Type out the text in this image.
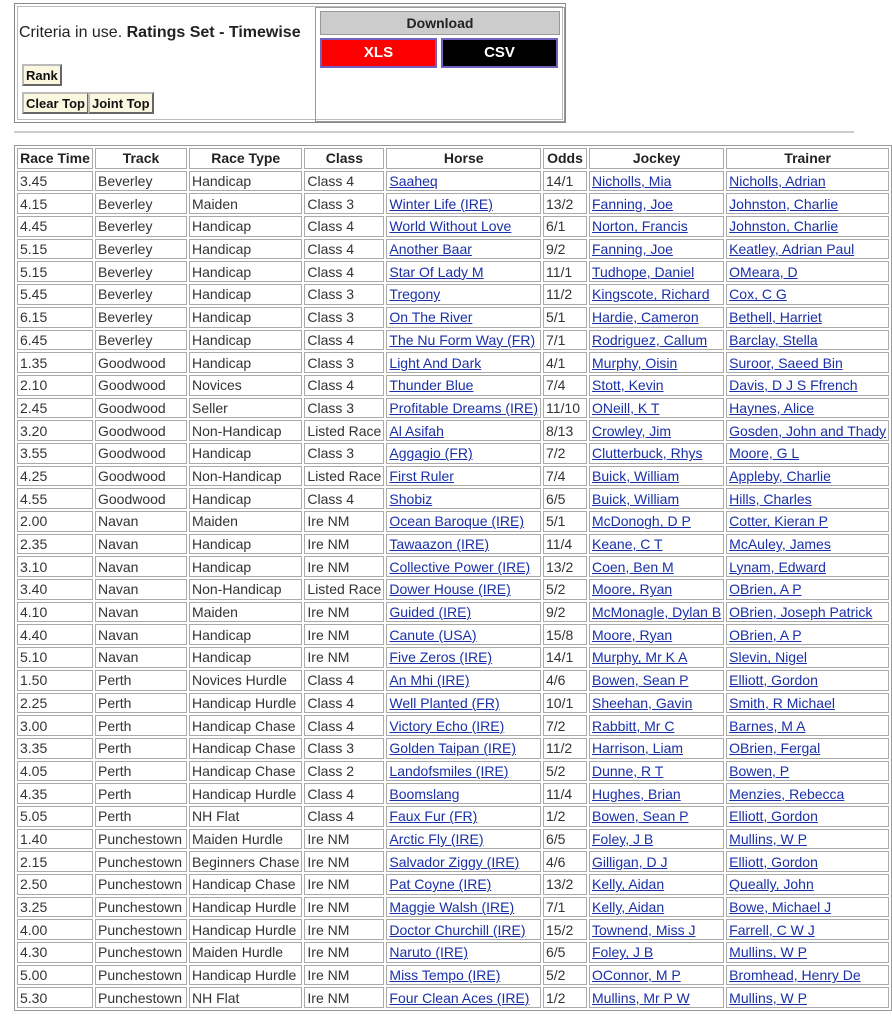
Criteria in use. Ratings Set - Timewise
Rank
Clear Top Joint Top
Download
XLS	CSV
Race Time	Track	Race Type	Class	Horse	Odds	Jockey	Trainer
3.45	Beverley	Handicap	Class 4	Saaheq	14/1	Nicholls, Mia	Nicholls, Adrian
4.15	Beverley	Maiden	Class 3	Winter Life (IRE)	13/2	Fanning, Joe	Johnston, Charlie
4.45	Beverley	Handicap	Class 4	World Without Love	6/1	Norton, Francis	Johnston, Charlie
5.15	Beverley	Handicap	Class 4	Another Baar	9/2	Fanning, Joe	Keatley, Adrian Paul
5.15	Beverley	Handicap	Class 4	Star Of Lady M	11/1	Tudhope, Daniel	OMeara, D
5.45	Beverley	Handicap	Class 3	Tregony	11/2	Kingscote, Richard	Cox, C G
6.15	Beverley	Handicap	Class 3	On The River	5/1	Hardie, Cameron	Bethell, Harriet
6.45	Beverley	Handicap	Class 4	The Nu Form Way (FR)	7/1	Rodriguez, Callum	Barclay, Stella
1.35	Goodwood	Handicap	Class 3	Light And Dark	4/1	Murphy, Oisin	Suroor, Saeed Bin
2.10	Goodwood	Novices	Class 4	Thunder Blue	7/4	Stott, Kevin	Davis, D J S Ffrench
2.45	Goodwood	Seller	Class 3	Profitable Dreams (IRE)	11/10	ONeill, K T	Haynes, Alice
3.20	Goodwood	Non-Handicap	Listed Race	Al Asifah	8/13	Crowley, Jim	Gosden, John and Thady
3.55	Goodwood	Handicap	Class 3	Aggagio (FR)	7/2	Clutterbuck, Rhys	Moore, G L
4.25	Goodwood	Non-Handicap	Listed Race	First Ruler	7/4	Buick, William	Appleby, Charlie
4.55	Goodwood	Handicap	Class 4	Shobiz	6/5	Buick, William	Hills, Charles
2.00	Navan	Maiden	Ire NM	Ocean Baroque (IRE)	5/1	McDonogh, D P	Cotter, Kieran P
2.35	Navan	Handicap	Ire NM	Tawaazon (IRE)	11/4	Keane, C T	McAuley, James
3.10	Navan	Handicap	Ire NM	Collective Power (IRE)	13/2	Coen, Ben M	Lynam, Edward
3.40	Navan	Non-Handicap	Listed Race	Dower House (IRE)	5/2	Moore, Ryan	OBrien, A P
4.10	Navan	Maiden	Ire NM	Guided (IRE)	9/2	McMonagle, Dylan B	OBrien, Joseph Patrick
4.40	Navan	Handicap	Ire NM	Canute (USA)	15/8	Moore, Ryan	OBrien, A P
5.10	Navan	Handicap	Ire NM	Five Zeros (IRE)	14/1	Murphy, Mr K A	Slevin, Nigel
1.50	Perth	Novices Hurdle	Class 4	An Mhi (IRE)	4/6	Bowen, Sean P	Elliott, Gordon
2.25	Perth	Handicap Hurdle	Class 4	Well Planted (FR)	10/1	Sheehan, Gavin	Smith, R Michael
3.00	Perth	Handicap Chase	Class 4	Victory Echo (IRE)	7/2	Rabbitt, Mr C	Barnes, M A
3.35	Perth	Handicap Chase	Class 3	Golden Taipan (IRE)	11/2	Harrison, Liam	OBrien, Fergal
4.05	Perth	Handicap Chase	Class 2	Landofsmiles (IRE)	5/2	Dunne, R T	Bowen, P
4.35	Perth	Handicap Hurdle	Class 4	Boomslang	11/4	Hughes, Brian	Menzies, Rebecca
5.05	Perth	NH Flat	Class 4	Faux Fur (FR)	1/2	Bowen, Sean P	Elliott, Gordon
1.40	Punchestown	Maiden Hurdle	Ire NM	Arctic Fly (IRE)	6/5	Foley, J B	Mullins, W P
2.15	Punchestown	Beginners Chase	Ire NM	Salvador Ziggy (IRE)	4/6	Gilligan, D J	Elliott, Gordon
2.50	Punchestown	Handicap Chase	Ire NM	Pat Coyne (IRE)	13/2	Kelly, Aidan	Queally, John
3.25	Punchestown	Handicap Hurdle	Ire NM	Maggie Walsh (IRE)	7/1	Kelly, Aidan	Bowe, Michael J
4.00	Punchestown	Handicap Hurdle	Ire NM	Doctor Churchill (IRE)	15/2	Townend, Miss J	Farrell, C W J
4.30	Punchestown	Maiden Hurdle	Ire NM	Naruto (IRE)	6/5	Foley, J B	Mullins, W P
5.00	Punchestown	Handicap Hurdle	Ire NM	Miss Tempo (IRE)	5/2	OConnor, M P	Bromhead, Henry De
5.30	Punchestown	NH Flat	Ire NM	Four Clean Aces (IRE)	1/2	Mullins, Mr P W	Mullins, W P
